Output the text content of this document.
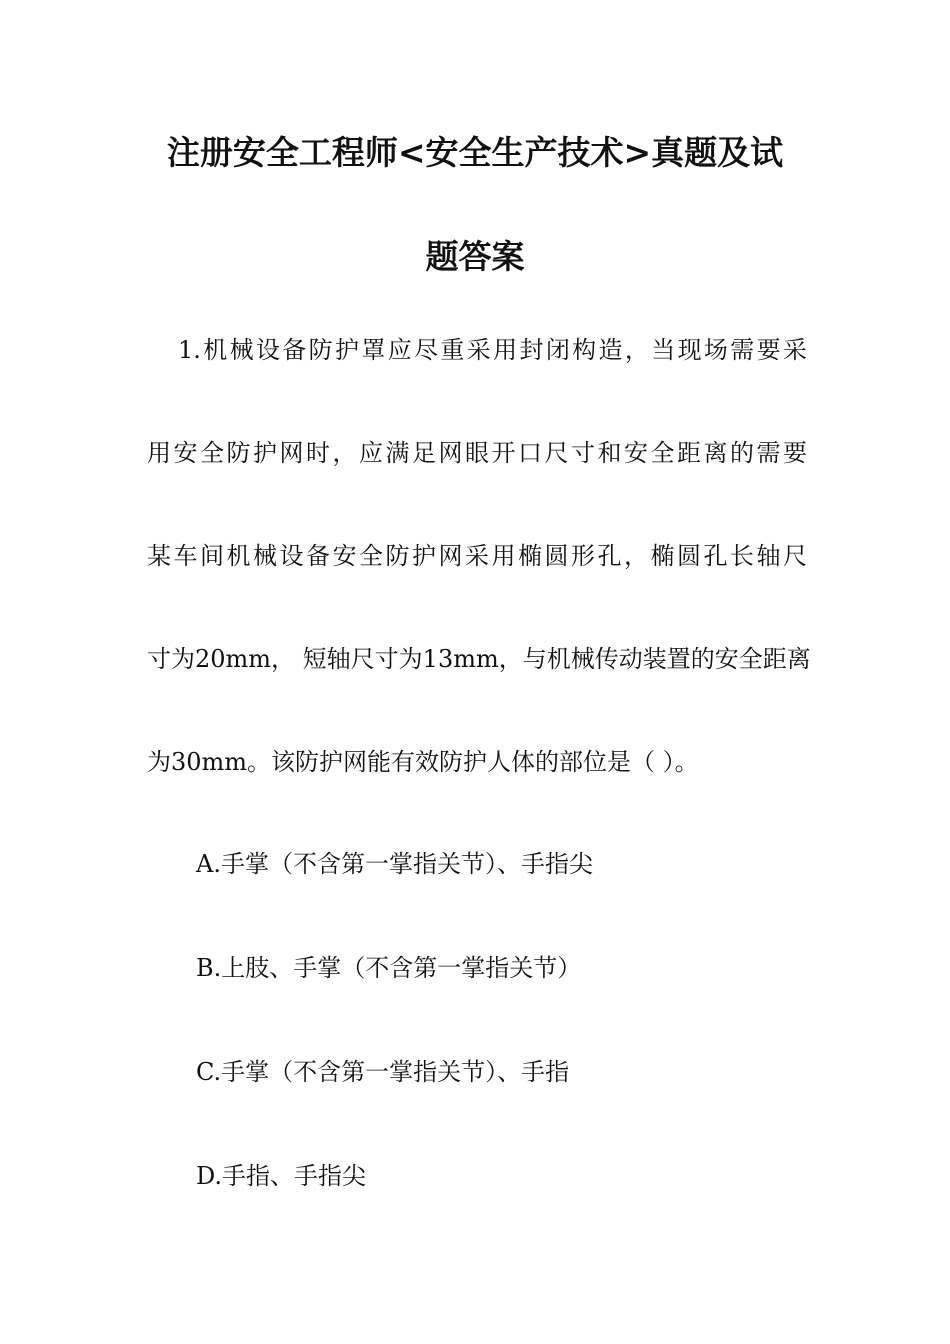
注册安全工程师<安全生产技术>真题及试
题答案
1.机械设备防护罩应尽重采用封闭构造，当现场需要采
用安全防护网时，应满足网眼开口尺寸和安全距离的需要
某车间机械设备安全防护网采用椭圆形孔，椭圆孔长轴尺
寸为20mm， 短轴尺寸为13mm，与机械传动装置的安全距离
为30mm。该防护网能有效防护人体的部位是（ ）。
A.手掌（不含第一掌指关节）、手指尖
B.上肢、手掌（不含第一掌指关节）
C.手掌（不含第一掌指关节）、手指
D.手指、手指尖
